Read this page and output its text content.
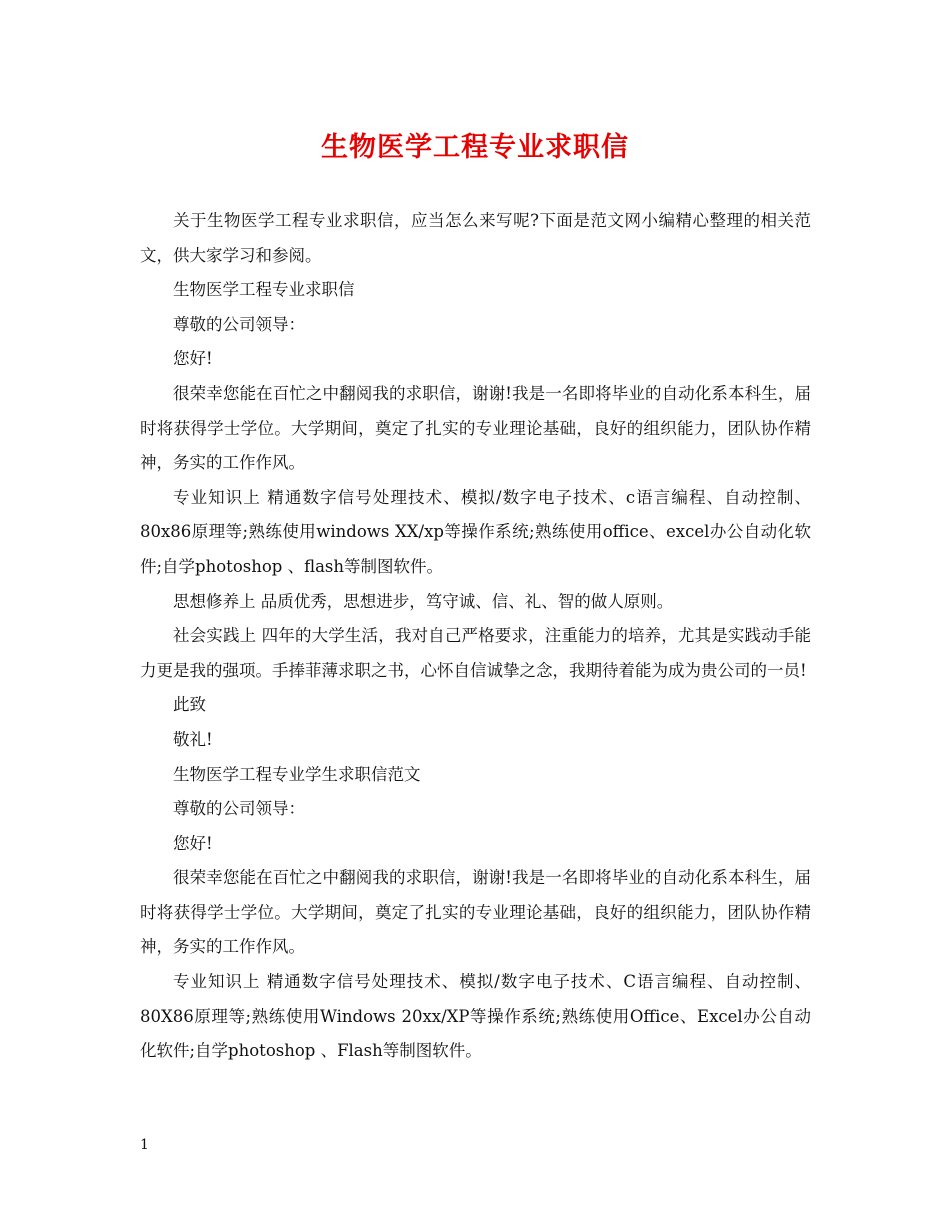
生物医学工程专业求职信

关于生物医学工程专业求职信，应当怎么来写呢?下面是范文网小编精心整理的相关范文，供大家学习和参阅。

生物医学工程专业求职信

尊敬的公司领导：

您好!

很荣幸您能在百忙之中翻阅我的求职信，谢谢!我是一名即将毕业的自动化系本科生，届时将获得学士学位。大学期间，奠定了扎实的专业理论基础，良好的组织能力，团队协作精神，务实的工作作风。

专业知识上 精通数字信号处理技术、模拟/数字电子技术、c语言编程、自动控制、80x86原理等;熟练使用windows XX/xp等操作系统;熟练使用office、excel办公自动化软件;自学photoshop 、flash等制图软件。

思想修养上 品质优秀，思想进步，笃守诚、信、礼、智的做人原则。

社会实践上 四年的大学生活，我对自己严格要求，注重能力的培养，尤其是实践动手能力更是我的强项。手捧菲薄求职之书，心怀自信诚挚之念，我期待着能为成为贵公司的一员!

此致

敬礼!

生物医学工程专业学生求职信范文

尊敬的公司领导：

您好!

很荣幸您能在百忙之中翻阅我的求职信，谢谢!我是一名即将毕业的自动化系本科生，届时将获得学士学位。大学期间，奠定了扎实的专业理论基础，良好的组织能力，团队协作精神，务实的工作作风。

专业知识上 精通数字信号处理技术、模拟/数字电子技术、C语言编程、自动控制、80X86原理等;熟练使用Windows 20xx/XP等操作系统;熟练使用Office、Excel办公自动化软件;自学photoshop 、Flash等制图软件。

1
